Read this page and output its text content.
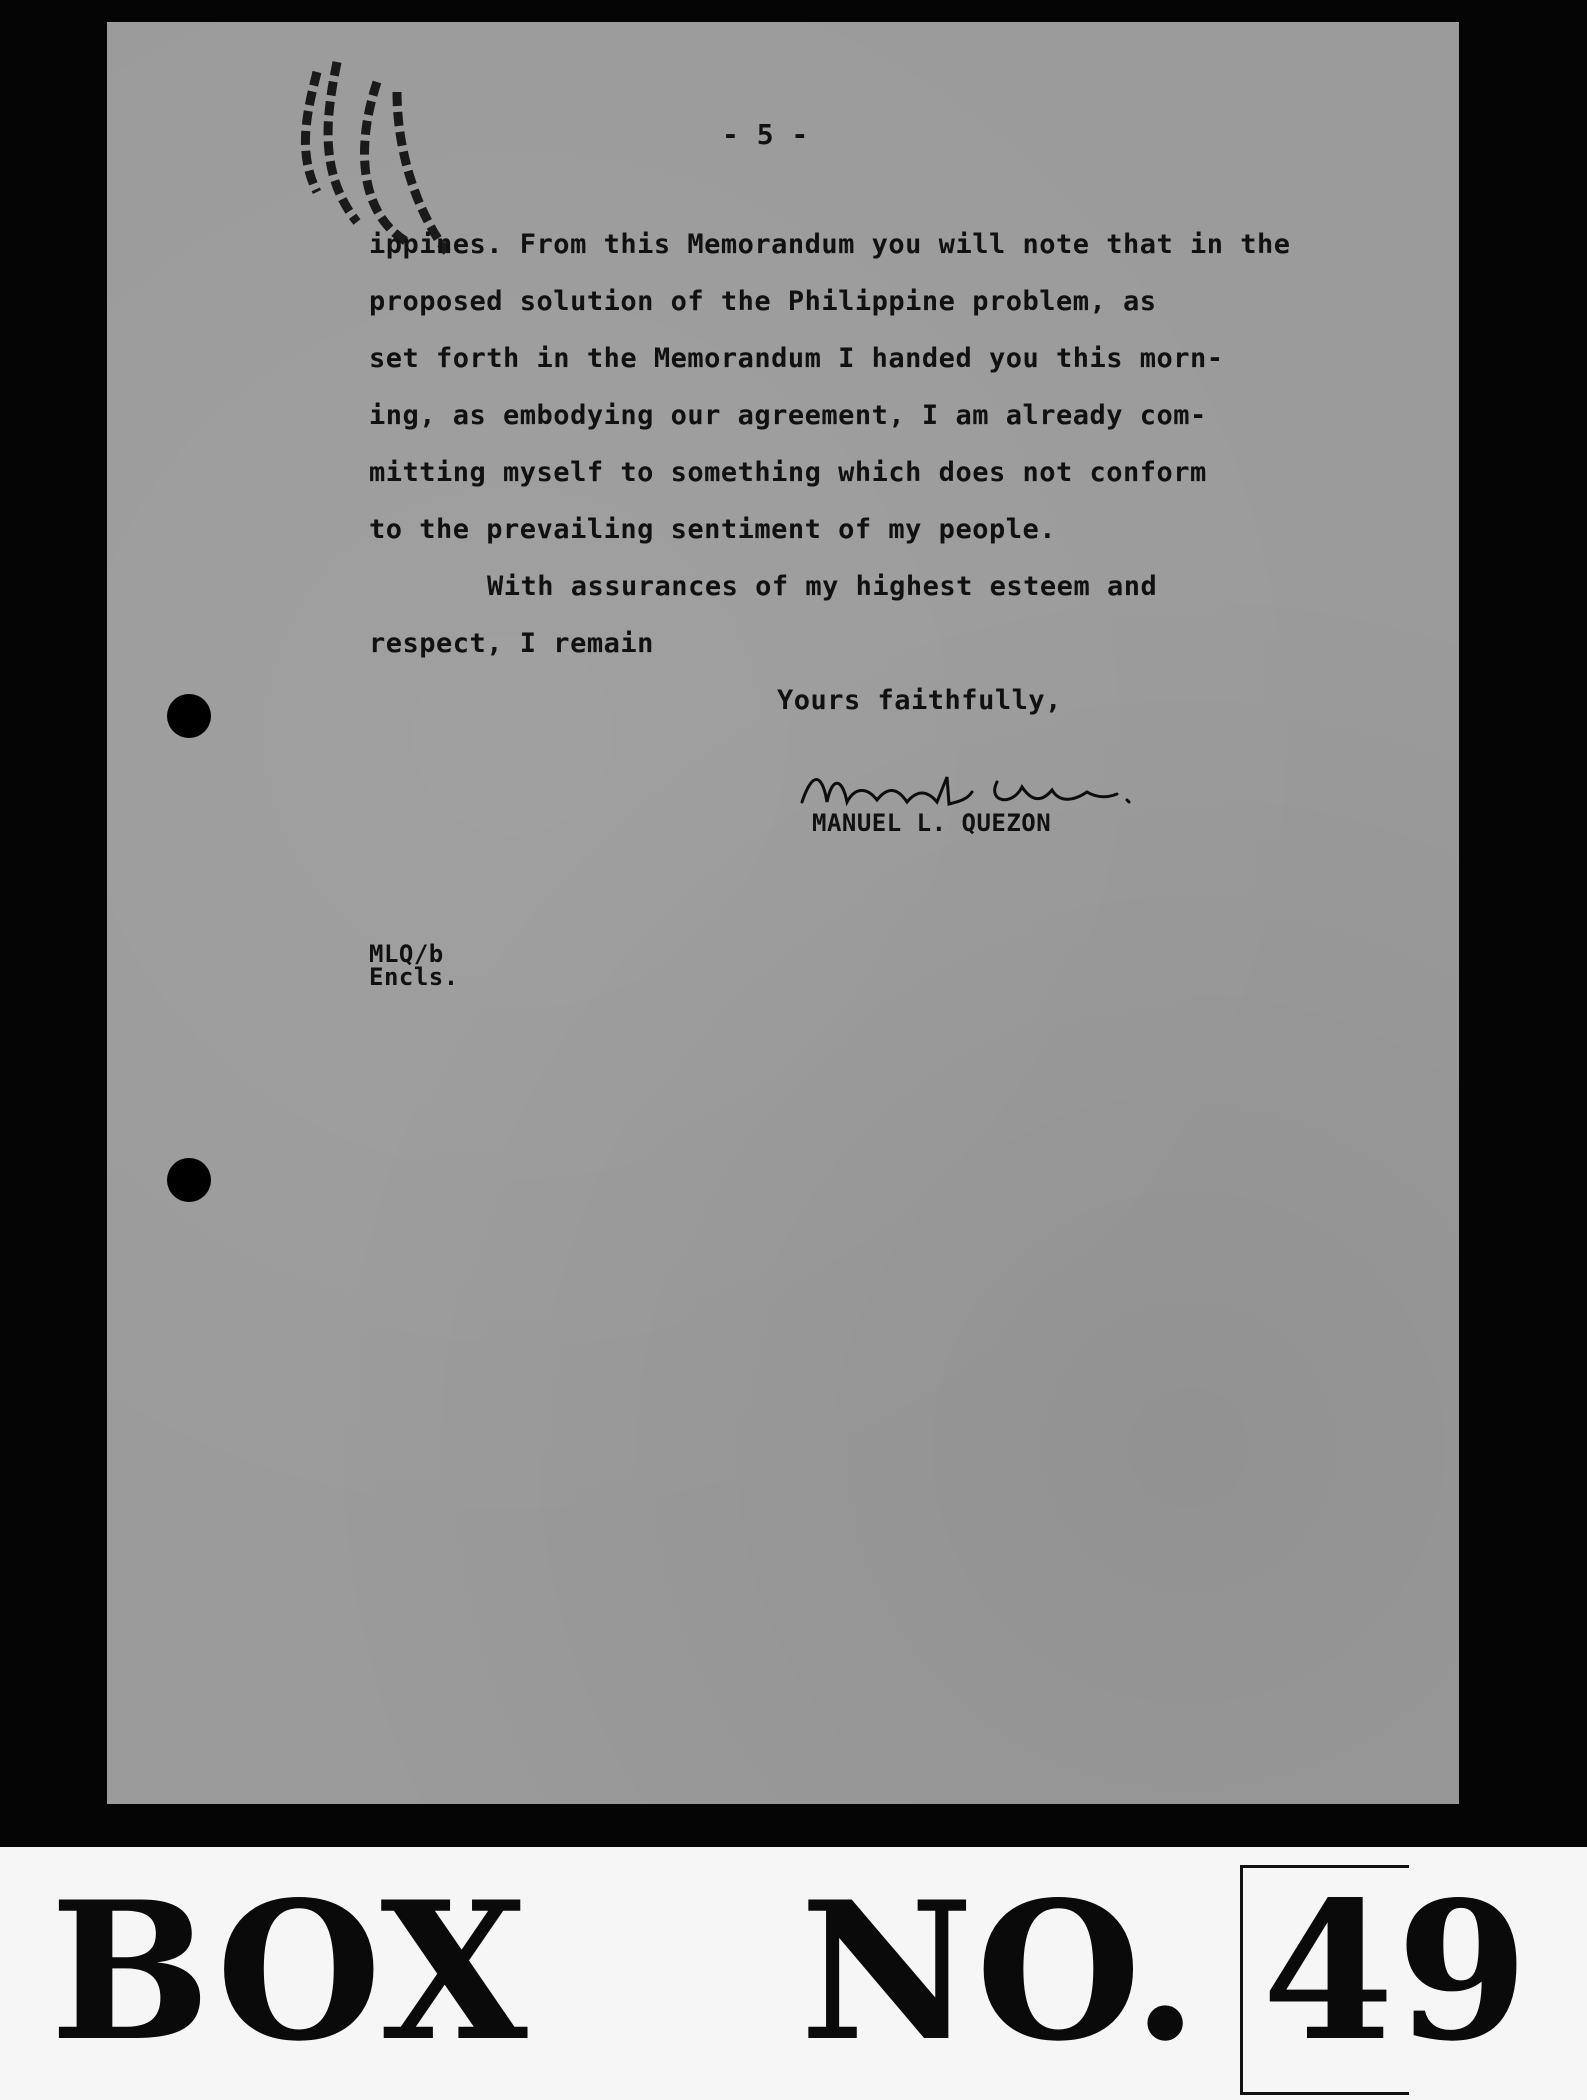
- 5 -
ippines. From this Memorandum you will note that in the
proposed solution of the Philippine problem, as
set forth in the Memorandum I handed you this morn-
ing, as embodying our agreement, I am already com-
mitting myself to something which does not conform
to the prevailing sentiment of my people.
With assurances of my highest esteem and
respect, I remain
Yours faithfully,
MANUEL L. QUEZON
MLQ/b
Encls.
BOX NO. 49
